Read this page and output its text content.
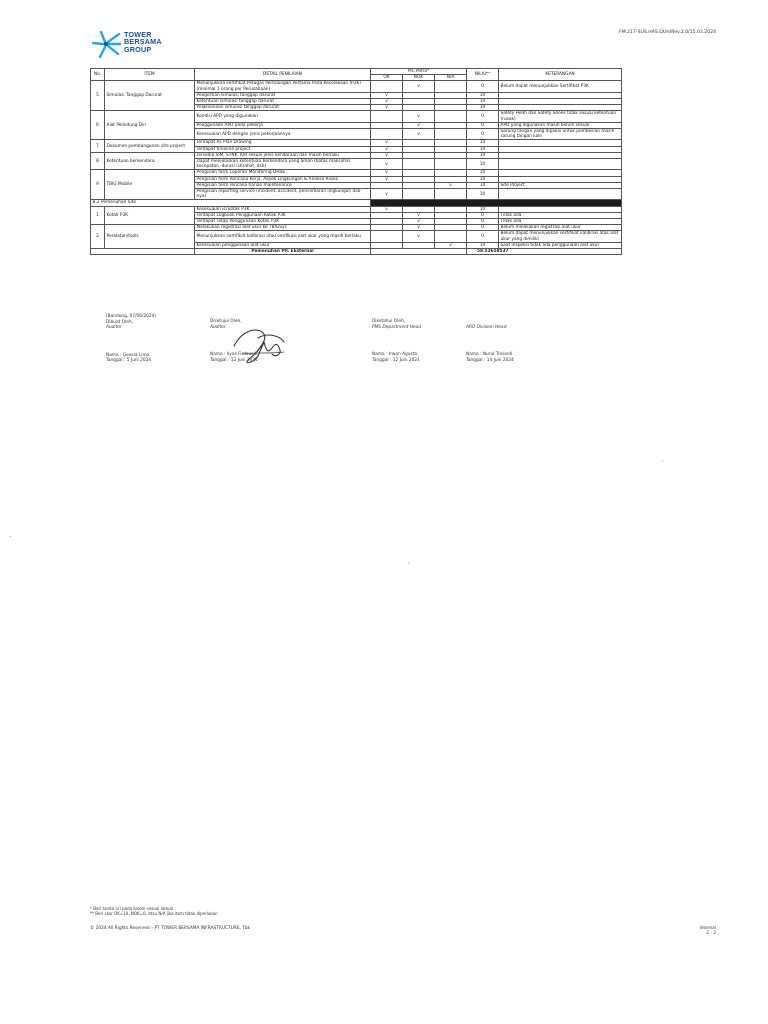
TOWER
BERSAMA
GROUP
FM.217-SUS.HAS.QUH/Rev.2.0/15.03.2024
No.	ITEM	DETAIL PENILAIAN	PIC Mitra*			NILAI**	KETERANGAN
			OK	NOK	N/A		
5	Simulasi Tanggap Darurat	Menunjukkan sertifikat Petugas Pertolongan Pertama Pada Kecelakaan (P3K) (minimal 1 orang per Perusahaan)		v		0	Belum dapat menunjukkan Sertifikat P3K
		Pengertian simulasi tanggap darurat	v			10	
		Ketentuan simulasi tanggap darurat	v			10	
		Pelaksanaan simulasi tanggap darurat	v			10	
6	Alat Pelindung Diri	Kondisi APD yang digunakan		v		0	Safety Helm dan Safety Shoes tidak sesuai ketentuan (rusak)
		Penggunaan APD pada pekerja		v		0	APD yang digunakan masih belum sesuai
		Kesesuaian APD dengan jenis pekerjaannya		v		0	Sarung tangan yang dipakai untuk pembesian masih sarung tangan kain
7	Dokumen pembangunan site project	Terdapat As Plan Drawing	v			10	
		Terdapat timeline project	v			10	
8	Ketentuan berkendara	Tersedia SIM, STNK, KIR sesuai jenis kendaraan dan masih berlaku	v			10	
		Dapat menjelaskan ketentuan berkendara yang aman (batas maksimal kecepatan, durasi istirahat, dsb)	v			10	
9	TBIG Mobile	Pengisian form Laporan Monitoring OHSE	v			10	
		Pengisian form Rencana Kerja, Aspek Lingkungan & Analisa Risiko	v			10	
		Pengisian form rencana harian maintenance			v	10	Site Project
		Pengisian reporting service (incident, accident, pencemaran lingkungan dsb-nya)	v			10	
B.2 Pemenuhan Site							
1	Kotak P3K	Kesesuaian isi kotak P3K	v			10	
		Terdapat Logbook Penggunaan Kotak P3K		v		0	Tidak ada
		Terdapat Tatap Penggunaan Kotak P3K		v		0	Tidak ada
2	Peralatan/tools	Melakukan registrasi alat ukur ke TBIGSys		v		0	Belum melakukan registrasi alat ukur
		Menunjukkan sertifikat kalibrasi atau verifikasi alat ukur yang masih berlaku		v		0	Belum dapat menunjukkan sertifikat kalibrasi atas alat ukur yang dimiliki
		Kesesuaian penggunaan alat ukur			v	10	Saat inspeksi tidak ada penggunaan alat ukur
		Pemenuhan PIC Eksternal				58.53658537	
(Bandung, 07/06/2024)
Dibuat Oleh,
Auditor
Nama : Geesia Lima
Tanggal : 5 Juni 2024
Disetujui Oleh,
Auditor
Nama : Ilyas Firdaus L.
Tanggal : 12 Juni 2024
Diketahui Oleh,
PMS Department Head
Nama : Irwan Agusta
Tanggal : 12 Juni 2024
ARO Division Head
Nama : Nurul Trisianti
Tanggal : 14 Juni 2024
* Beri tanda (v) pada kolom sesuai aktual
** Beri skor OK=10, NOK=0, atau N/A jika item tidak diperlukan
© 2024 All Rights Reserved – PT TOWER BERSAMA INFRASTRUCTURE, Tbk	Internal
2 - 2
